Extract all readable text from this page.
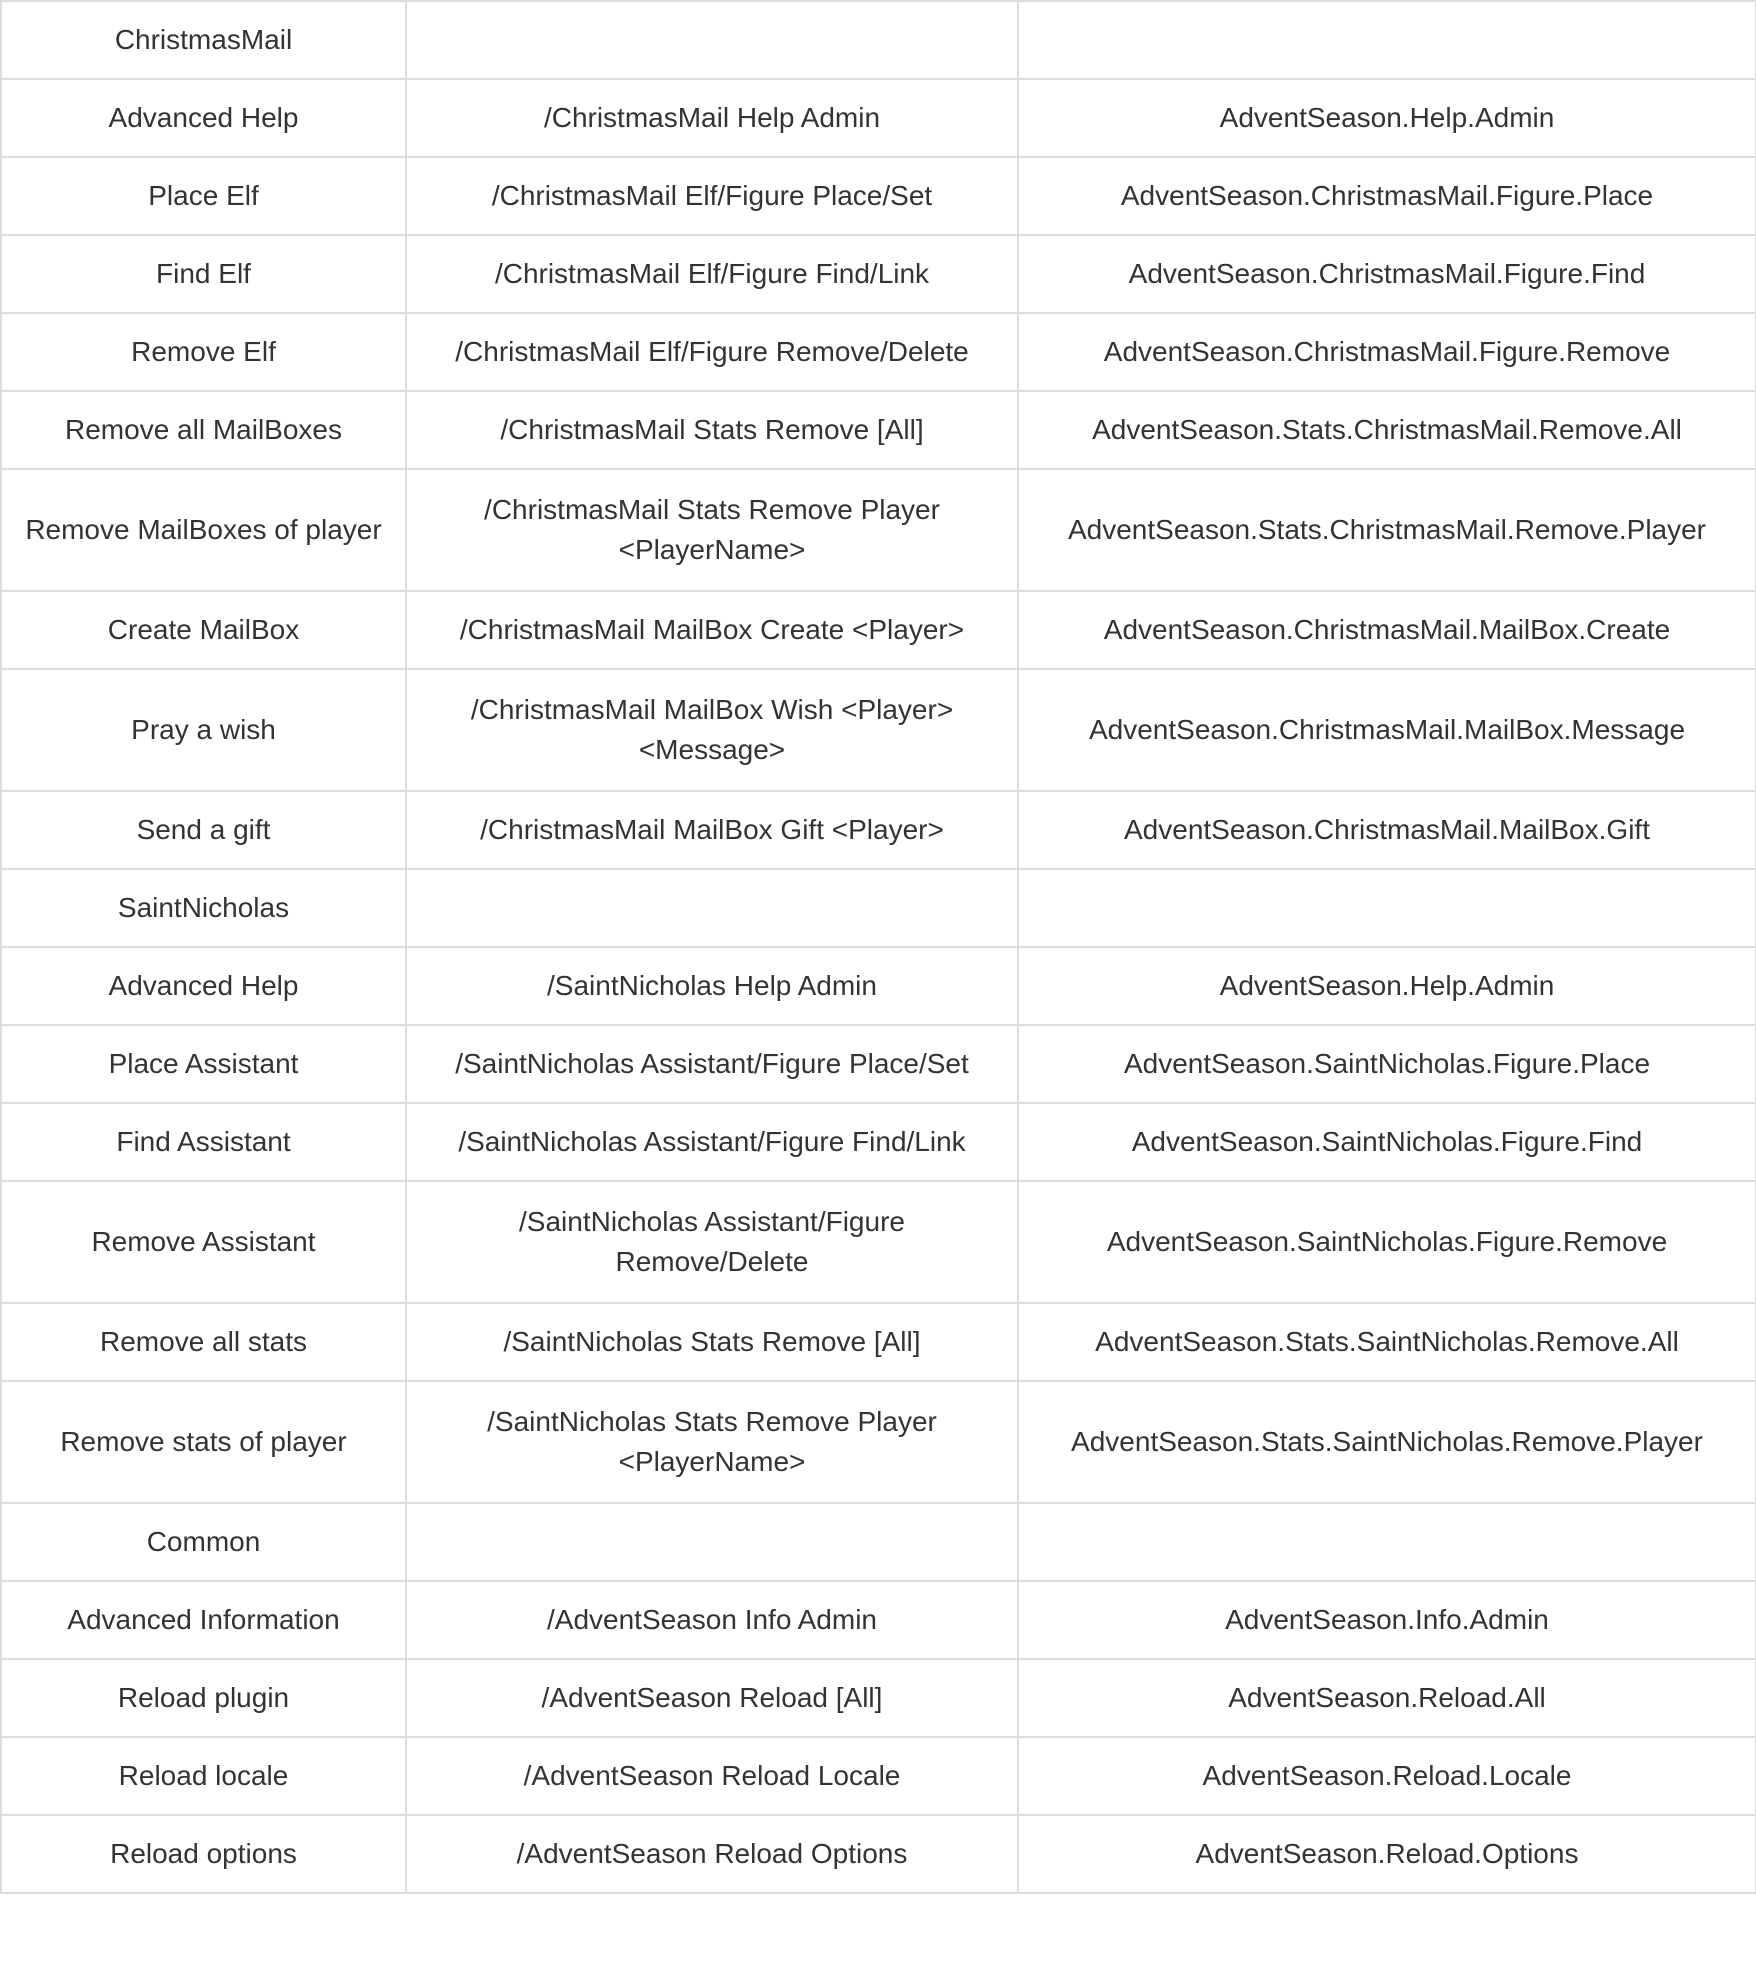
ChristmasMail		
Advanced Help	/ChristmasMail Help Admin	AdventSeason.Help.Admin
Place Elf	/ChristmasMail Elf/Figure Place/Set	AdventSeason.ChristmasMail.Figure.Place
Find Elf	/ChristmasMail Elf/Figure Find/Link	AdventSeason.ChristmasMail.Figure.Find
Remove Elf	/ChristmasMail Elf/Figure Remove/Delete	AdventSeason.ChristmasMail.Figure.Remove
Remove all MailBoxes	/ChristmasMail Stats Remove [All]	AdventSeason.Stats.ChristmasMail.Remove.All
Remove MailBoxes of player	/ChristmasMail Stats Remove Player <PlayerName>	AdventSeason.Stats.ChristmasMail.Remove.Player
Create MailBox	/ChristmasMail MailBox Create <Player>	AdventSeason.ChristmasMail.MailBox.Create
Pray a wish	/ChristmasMail MailBox Wish <Player> <Message>	AdventSeason.ChristmasMail.MailBox.Message
Send a gift	/ChristmasMail MailBox Gift <Player>	AdventSeason.ChristmasMail.MailBox.Gift
SaintNicholas		
Advanced Help	/SaintNicholas Help Admin	AdventSeason.Help.Admin
Place Assistant	/SaintNicholas Assistant/Figure Place/Set	AdventSeason.SaintNicholas.Figure.Place
Find Assistant	/SaintNicholas Assistant/Figure Find/Link	AdventSeason.SaintNicholas.Figure.Find
Remove Assistant	/SaintNicholas Assistant/Figure Remove/Delete	AdventSeason.SaintNicholas.Figure.Remove
Remove all stats	/SaintNicholas Stats Remove [All]	AdventSeason.Stats.SaintNicholas.Remove.All
Remove stats of player	/SaintNicholas Stats Remove Player <PlayerName>	AdventSeason.Stats.SaintNicholas.Remove.Player
Common		
Advanced Information	/AdventSeason Info Admin	AdventSeason.Info.Admin
Reload plugin	/AdventSeason Reload [All]	AdventSeason.Reload.All
Reload locale	/AdventSeason Reload Locale	AdventSeason.Reload.Locale
Reload options	/AdventSeason Reload Options	AdventSeason.Reload.Options
